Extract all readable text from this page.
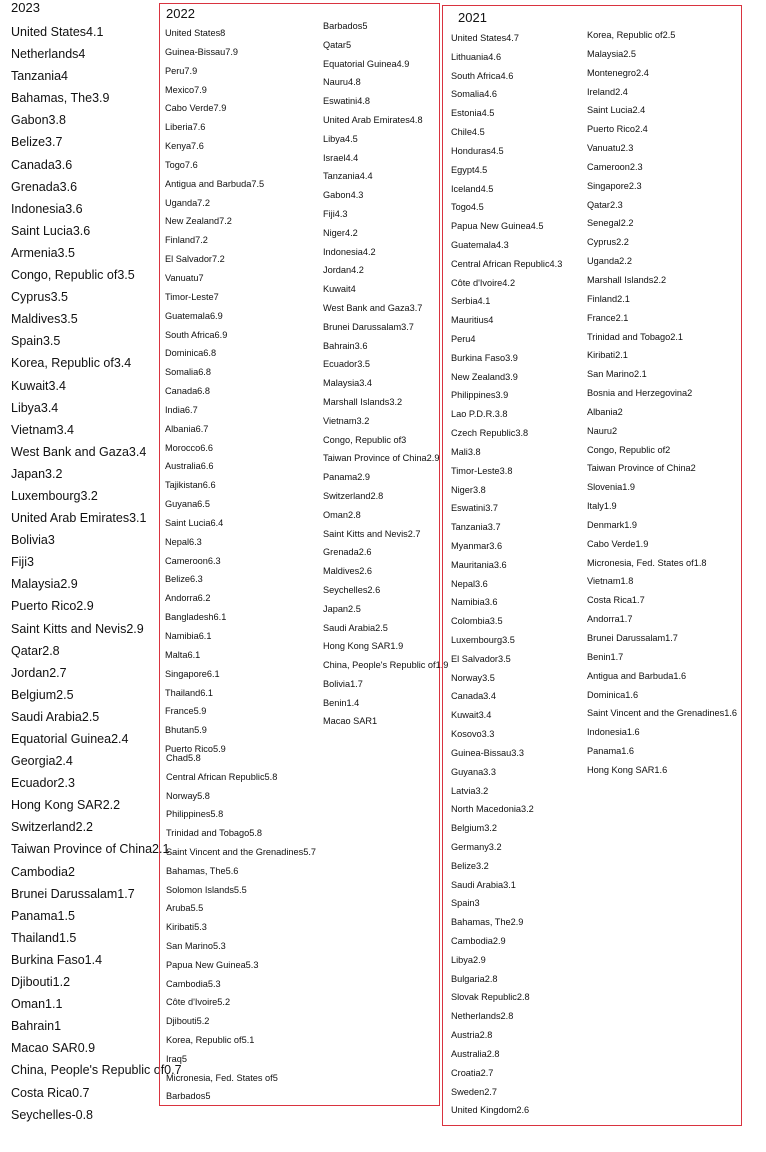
2023
United States4.1
Netherlands4
Tanzania4
Bahamas, The3.9
Gabon3.8
Belize3.7
Canada3.6
Grenada3.6
Indonesia3.6
Saint Lucia3.6
Armenia3.5
Congo, Republic of3.5
Cyprus3.5
Maldives3.5
Spain3.5
Korea, Republic of3.4
Kuwait3.4
Libya3.4
Vietnam3.4
West Bank and Gaza3.4
Japan3.2
Luxembourg3.2
United Arab Emirates3.1
Bolivia3
Fiji3
Malaysia2.9
Puerto Rico2.9
Saint Kitts and Nevis2.9
Qatar2.8
Jordan2.7
Belgium2.5
Saudi Arabia2.5
Equatorial Guinea2.4
Georgia2.4
Ecuador2.3
Hong Kong SAR2.2
Switzerland2.2
Taiwan Province of China2.1
Cambodia2
Brunei Darussalam1.7
Panama1.5
Thailand1.5
Burkina Faso1.4
Djibouti1.2
Oman1.1
Bahrain1
Macao SAR0.9
China, People's Republic of0.7
Costa Rica0.7
Seychelles-0.8
2022
United States8
Guinea-Bissau7.9
Peru7.9
Mexico7.9
Cabo Verde7.9
Liberia7.6
Kenya7.6
Togo7.6
Antigua and Barbuda7.5
Uganda7.2
New Zealand7.2
Finland7.2
El Salvador7.2
Vanuatu7
Timor-Leste7
Guatemala6.9
South Africa6.9
Dominica6.8
Somalia6.8
Canada6.8
India6.7
Albania6.7
Morocco6.6
Australia6.6
Tajikistan6.6
Guyana6.5
Saint Lucia6.4
Nepal6.3
Cameroon6.3
Belize6.3
Andorra6.2
Bangladesh6.1
Namibia6.1
Malta6.1
Singapore6.1
Thailand6.1
France5.9
Bhutan5.9
Puerto Rico5.9
Chad5.8
Central African Republic5.8
Norway5.8
Philippines5.8
Trinidad and Tobago5.8
Saint Vincent and the Grenadines5.7
Bahamas, The5.6
Solomon Islands5.5
Aruba5.5
Kiribati5.3
San Marino5.3
Papua New Guinea5.3
Cambodia5.3
Côte d'Ivoire5.2
Djibouti5.2
Korea, Republic of5.1
Iraq5
Micronesia, Fed. States of5
Barbados5
Barbados5
Qatar5
Equatorial Guinea4.9
Nauru4.8
Eswatini4.8
United Arab Emirates4.8
Libya4.5
Israel4.4
Tanzania4.4
Gabon4.3
Fiji4.3
Niger4.2
Indonesia4.2
Jordan4.2
Kuwait4
West Bank and Gaza3.7
Brunei Darussalam3.7
Bahrain3.6
Ecuador3.5
Malaysia3.4
Marshall Islands3.2
Vietnam3.2
Congo, Republic of3
Taiwan Province of China2.9
Panama2.9
Switzerland2.8
Oman2.8
Saint Kitts and Nevis2.7
Grenada2.6
Maldives2.6
Seychelles2.6
Japan2.5
Saudi Arabia2.5
Hong Kong SAR1.9
China, People's Republic of1.9
Bolivia1.7
Benin1.4
Macao SAR1
2021
United States4.7
Lithuania4.6
South Africa4.6
Somalia4.6
Estonia4.5
Chile4.5
Honduras4.5
Egypt4.5
Iceland4.5
Togo4.5
Papua New Guinea4.5
Guatemala4.3
Central African Republic4.3
Côte d'Ivoire4.2
Serbia4.1
Mauritius4
Peru4
Burkina Faso3.9
New Zealand3.9
Philippines3.9
Lao P.D.R.3.8
Czech Republic3.8
Mali3.8
Timor-Leste3.8
Niger3.8
Eswatini3.7
Tanzania3.7
Myanmar3.6
Mauritania3.6
Nepal3.6
Namibia3.6
Colombia3.5
Luxembourg3.5
El Salvador3.5
Norway3.5
Canada3.4
Kuwait3.4
Kosovo3.3
Guinea-Bissau3.3
Guyana3.3
Latvia3.2
North Macedonia3.2
Belgium3.2
Germany3.2
Belize3.2
Saudi Arabia3.1
Spain3
Bahamas, The2.9
Cambodia2.9
Libya2.9
Bulgaria2.8
Slovak Republic2.8
Netherlands2.8
Austria2.8
Australia2.8
Croatia2.7
Sweden2.7
United Kingdom2.6
Korea, Republic of2.5
Malaysia2.5
Montenegro2.4
Ireland2.4
Saint Lucia2.4
Puerto Rico2.4
Vanuatu2.3
Cameroon2.3
Singapore2.3
Qatar2.3
Senegal2.2
Cyprus2.2
Uganda2.2
Marshall Islands2.2
Finland2.1
France2.1
Trinidad and Tobago2.1
Kiribati2.1
San Marino2.1
Bosnia and Herzegovina2
Albania2
Nauru2
Congo, Republic of2
Taiwan Province of China2
Slovenia1.9
Italy1.9
Denmark1.9
Cabo Verde1.9
Micronesia, Fed. States of1.8
Vietnam1.8
Costa Rica1.7
Andorra1.7
Brunei Darussalam1.7
Benin1.7
Antigua and Barbuda1.6
Dominica1.6
Saint Vincent and the Grenadines1.6
Indonesia1.6
Panama1.6
Hong Kong SAR1.6
